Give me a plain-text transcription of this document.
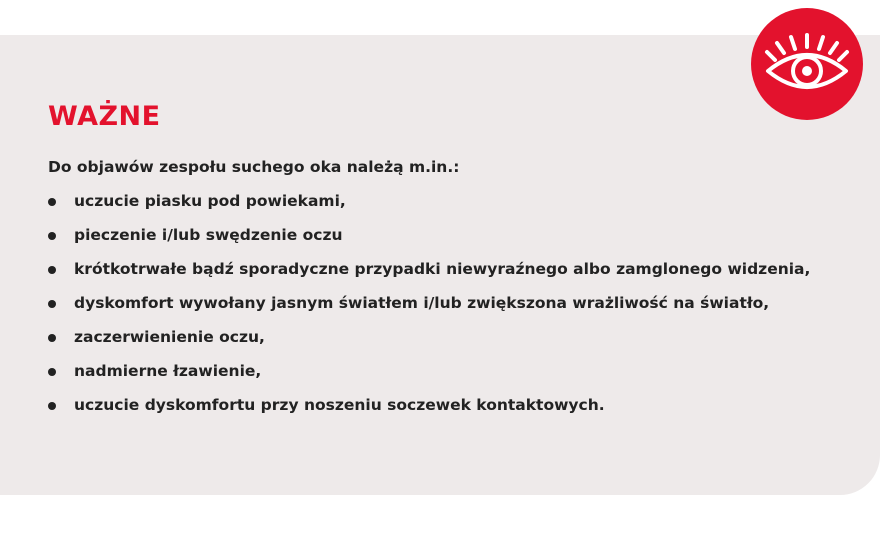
WAŻNE
Do objawów zespołu suchego oka należą m.in.:
uczucie piasku pod powiekami,
pieczenie i/lub swędzenie oczu
krótkotrwałe bądź sporadyczne przypadki niewyraźnego albo zamglonego widzenia,
dyskomfort wywołany jasnym światłem i/lub zwiększona wrażliwość na światło,
zaczerwienienie oczu,
nadmierne łzawienie,
uczucie dyskomfortu przy noszeniu soczewek kontaktowych.
